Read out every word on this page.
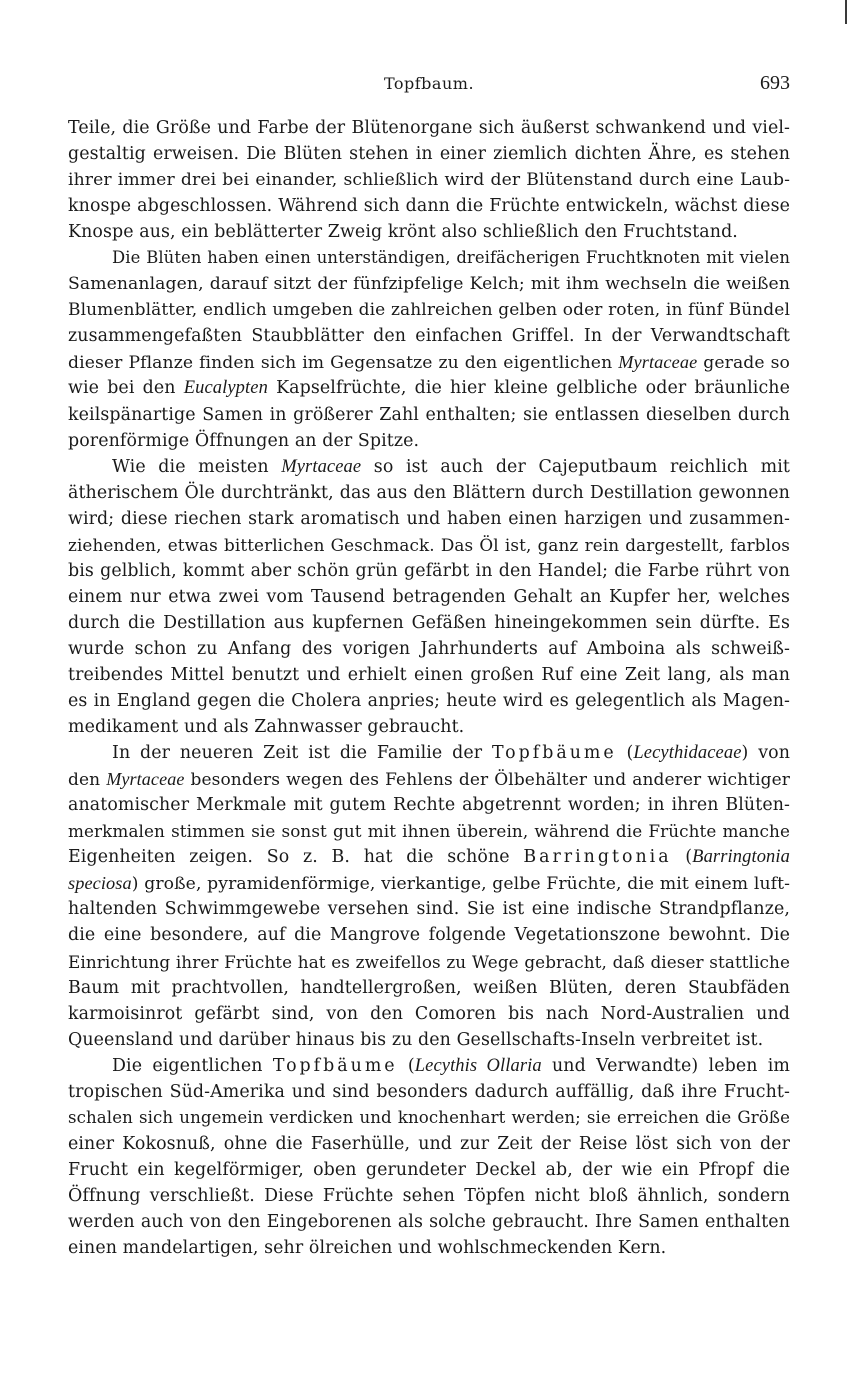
Topfbaum.	693

Teile, die Größe und Farbe der Blütenorgane sich äußerst schwankend und viel-
gestaltig erweisen. Die Blüten stehen in einer ziemlich dichten Ähre, es stehen
ihrer immer drei bei einander, schließlich wird der Blütenstand durch eine Laub-
knospe abgeschlossen. Während sich dann die Früchte entwickeln, wächst diese
Knospe aus, ein beblätterter Zweig krönt also schließlich den Fruchtstand.

Die Blüten haben einen unterständigen, dreifächerigen Fruchtknoten mit vielen
Samenanlagen, darauf sitzt der fünfzipfelige Kelch; mit ihm wechseln die weißen
Blumenblätter, endlich umgeben die zahlreichen gelben oder roten, in fünf Bündel
zusammengefaßten Staubblätter den einfachen Griffel. In der Verwandtschaft
dieser Pflanze finden sich im Gegensatze zu den eigentlichen Myrtaceae gerade so
wie bei den Eucalypten Kapselfrüchte, die hier kleine gelbliche oder bräunliche
keilspänartige Samen in größerer Zahl enthalten; sie entlassen dieselben durch
porenförmige Öffnungen an der Spitze.

Wie die meisten Myrtaceae so ist auch der Cajeputbaum reichlich mit
ätherischem Öle durchtränkt, das aus den Blättern durch Destillation gewonnen
wird; diese riechen stark aromatisch und haben einen harzigen und zusammen-
ziehenden, etwas bitterlichen Geschmack. Das Öl ist, ganz rein dargestellt, farblos
bis gelblich, kommt aber schön grün gefärbt in den Handel; die Farbe rührt von
einem nur etwa zwei vom Tausend betragenden Gehalt an Kupfer her, welches
durch die Destillation aus kupfernen Gefäßen hineingekommen sein dürfte. Es
wurde schon zu Anfang des vorigen Jahrhunderts auf Amboina als schweiß-
treibendes Mittel benutzt und erhielt einen großen Ruf eine Zeit lang, als man
es in England gegen die Cholera anpries; heute wird es gelegentlich als Magen-
medikament und als Zahnwasser gebraucht.

In der neueren Zeit ist die Familie der Topfbäume (Lecythidaceae) von
den Myrtaceae besonders wegen des Fehlens der Ölbehälter und anderer wichtiger
anatomischer Merkmale mit gutem Rechte abgetrennt worden; in ihren Blüten-
merkmalen stimmen sie sonst gut mit ihnen überein, während die Früchte manche
Eigenheiten zeigen. So z. B. hat die schöne Barringtonia (Barringtonia
speciosa) große, pyramidenförmige, vierkantige, gelbe Früchte, die mit einem luft-
haltenden Schwimmgewebe versehen sind. Sie ist eine indische Strandpflanze,
die eine besondere, auf die Mangrove folgende Vegetationszone bewohnt. Die
Einrichtung ihrer Früchte hat es zweifellos zu Wege gebracht, daß dieser stattliche
Baum mit prachtvollen, handtellergroßen, weißen Blüten, deren Staubfäden
karmoisinrot gefärbt sind, von den Comoren bis nach Nord-Australien und
Queensland und darüber hinaus bis zu den Gesellschafts-Inseln verbreitet ist.

Die eigentlichen Topfbäume (Lecythis Ollaria und Verwandte) leben im
tropischen Süd-Amerika und sind besonders dadurch auffällig, daß ihre Frucht-
schalen sich ungemein verdicken und knochenhart werden; sie erreichen die Größe
einer Kokosnuß, ohne die Faserhülle, und zur Zeit der Reise löst sich von der
Frucht ein kegelförmiger, oben gerundeter Deckel ab, der wie ein Pfropf die
Öffnung verschließt. Diese Früchte sehen Töpfen nicht bloß ähnlich, sondern
werden auch von den Eingeborenen als solche gebraucht. Ihre Samen enthalten
einen mandelartigen, sehr ölreichen und wohlschmeckenden Kern.
